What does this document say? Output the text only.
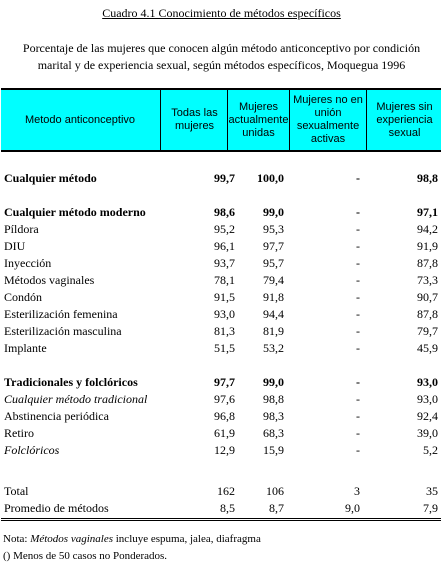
Cuadro 4.1 Conocimiento de métodos específicos
Porcentaje de las mujeres que conocen algún método anticonceptivo por condición
marital y de experiencia sexual, según métodos específicos, Moquegua 1996
Metodo anticonceptivo
Todas las mujeres
Mujeres actualmente unidas
Mujeres no en unión sexualmente activas
Mujeres sin experiencia sexual
Cualquier método	99,7	100,0	-	98,8
Cualquier método moderno	98,6	99,0	-	97,1
Píldora	95,2	95,3	-	94,2
DIU	96,1	97,7	-	91,9
Inyección	93,7	95,7	-	87,8
Métodos vaginales	78,1	79,4	-	73,3
Condón	91,5	91,8	-	90,7
Esterilización femenina	93,0	94,4	-	87,8
Esterilización masculina	81,3	81,9	-	79,7
Implante	51,5	53,2	-	45,9
Tradicionales y folclóricos	97,7	99,0	-	93,0
Cualquier método tradicional	97,6	98,8	-	93,0
Abstinencia periódica	96,8	98,3	-	92,4
Retiro	61,9	68,3	-	39,0
Folclóricos	12,9	15,9	-	5,2
Total	162	106	3	35
Promedio de métodos	8,5	8,7	9,0	7,9
Nota: Métodos vaginales incluye espuma, jalea, diafragma
() Menos de 50 casos no Ponderados.
